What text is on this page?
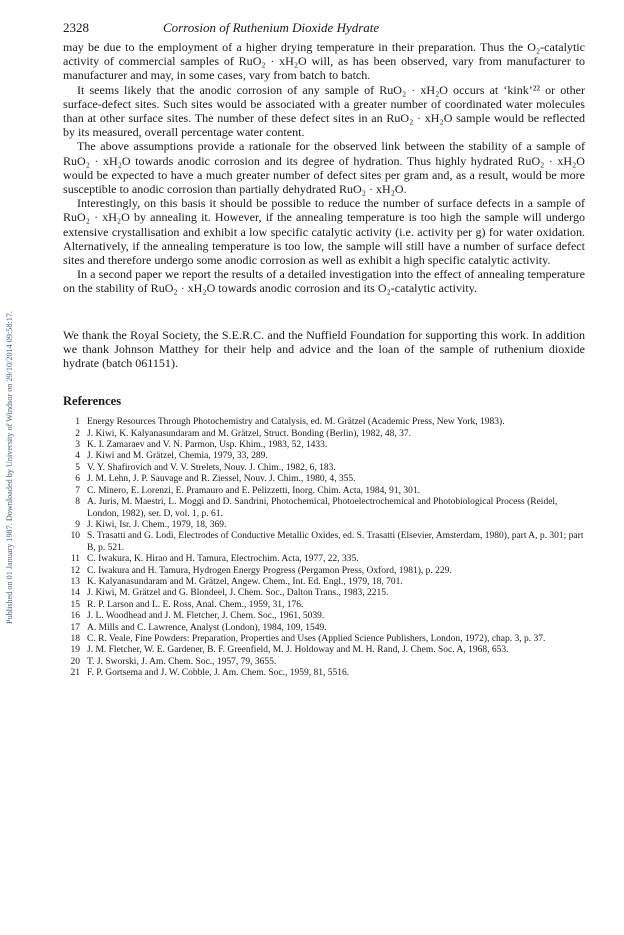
Published on 01 January 1987. Downloaded by University of Windsor on 29/10/2014 09:58:17.
2328	Corrosion of Ruthenium Dioxide Hydrate

may be due to the employment of a higher drying temperature in their preparation. Thus the O₂-catalytic activity of commercial samples of RuO₂ · xH₂O will, as has been observed, vary from manufacturer to manufacturer and may, in some cases, vary from batch to batch.

It seems likely that the anodic corrosion of any sample of RuO₂ · xH₂O occurs at ‘kink’²² or other surface-defect sites. Such sites would be associated with a greater number of coordinated water molecules than at other surface sites. The number of these defect sites in an RuO₂ · xH₂O sample would be reflected by its measured, overall percentage water content.

The above assumptions provide a rationale for the observed link between the stability of a sample of RuO₂ · xH₂O towards anodic corrosion and its degree of hydration. Thus highly hydrated RuO₂ · xH₂O would be expected to have a much greater number of defect sites per gram and, as a result, would be more susceptible to anodic corrosion than partially dehydrated RuO₂ · xH₂O.

Interestingly, on this basis it should be possible to reduce the number of surface defects in a sample of RuO₂ · xH₂O by annealing it. However, if the annealing temperature is too high the sample will undergo extensive crystallisation and exhibit a low specific catalytic activity (i.e. activity per g) for water oxidation. Alternatively, if the annealing temperature is too low, the sample will still have a number of surface defect sites and therefore undergo some anodic corrosion as well as exhibit a high specific catalytic activity.

In a second paper we report the results of a detailed investigation into the effect of annealing temperature on the stability of RuO₂ · xH₂O towards anodic corrosion and its O₂-catalytic activity.

We thank the Royal Society, the S.E.R.C. and the Nuffield Foundation for supporting this work. In addition we thank Johnson Matthey for their help and advice and the loan of the sample of ruthenium dioxide hydrate (batch 061151).

References
1 Energy Resources Through Photochemistry and Catalysis, ed. M. Grätzel (Academic Press, New York, 1983).
2 J. Kiwi, K. Kalyanasundaram and M. Grätzel, Struct. Bonding (Berlin), 1982, 48, 37.
3 K. I. Zamaraev and V. N. Parmon, Usp. Khim., 1983, 52, 1433.
4 J. Kiwi and M. Grätzel, Chemia, 1979, 33, 289.
5 V. Y. Shafirovich and V. V. Strelets, Nouv. J. Chim., 1982, 6, 183.
6 J. M. Lehn, J. P. Sauvage and R. Ziessel, Nouv. J. Chim., 1980, 4, 355.
7 C. Minero, E. Lorenzi, E. Pramauro and E. Pelizzetti, Inorg. Chim. Acta, 1984, 91, 301.
8 A. Juris, M. Maestri, L. Moggi and D. Sandrini, Photochemical, Photoelectrochemical and Photobiological Process (Reidel, London, 1982), ser. D, vol. 1, p. 61.
9 J. Kiwi, Isr. J. Chem., 1979, 18, 369.
10 S. Trasatti and G. Lodi, Electrodes of Conductive Metallic Oxides, ed. S. Trasatti (Elsevier, Amsterdam, 1980), part A, p. 301; part B, p. 521.
11 C. Iwakura, K. Hirao and H. Tamura, Electrochim. Acta, 1977, 22, 335.
12 C. Iwakura and H. Tamura, Hydrogen Energy Progress (Pergamon Press, Oxford, 1981), p. 229.
13 K. Kalyanasundaram and M. Grätzel, Angew. Chem., Int. Ed. Engl., 1979, 18, 701.
14 J. Kiwi, M. Grätzel and G. Blondeel, J. Chem. Soc., Dalton Trans., 1983, 2215.
15 R. P. Larson and L. E. Ross, Anal. Chem., 1959, 31, 176.
16 J. L. Woodhead and J. M. Fletcher, J. Chem. Soc., 1961, 5039.
17 A. Mills and C. Lawrence, Analyst (London), 1984, 109, 1549.
18 C. R. Veale, Fine Powders: Preparation, Properties and Uses (Applied Science Publishers, London, 1972), chap. 3, p. 37.
19 J. M. Fletcher, W. E. Gardener, B. F. Greenfield, M. J. Holdoway and M. H. Rand, J. Chem. Soc. A, 1968, 653.
20 T. J. Sworski, J. Am. Chem. Soc., 1957, 79, 3655.
21 F. P. Gortsema and J. W. Cobble, J. Am. Chem. Soc., 1959, 81, 5516.
